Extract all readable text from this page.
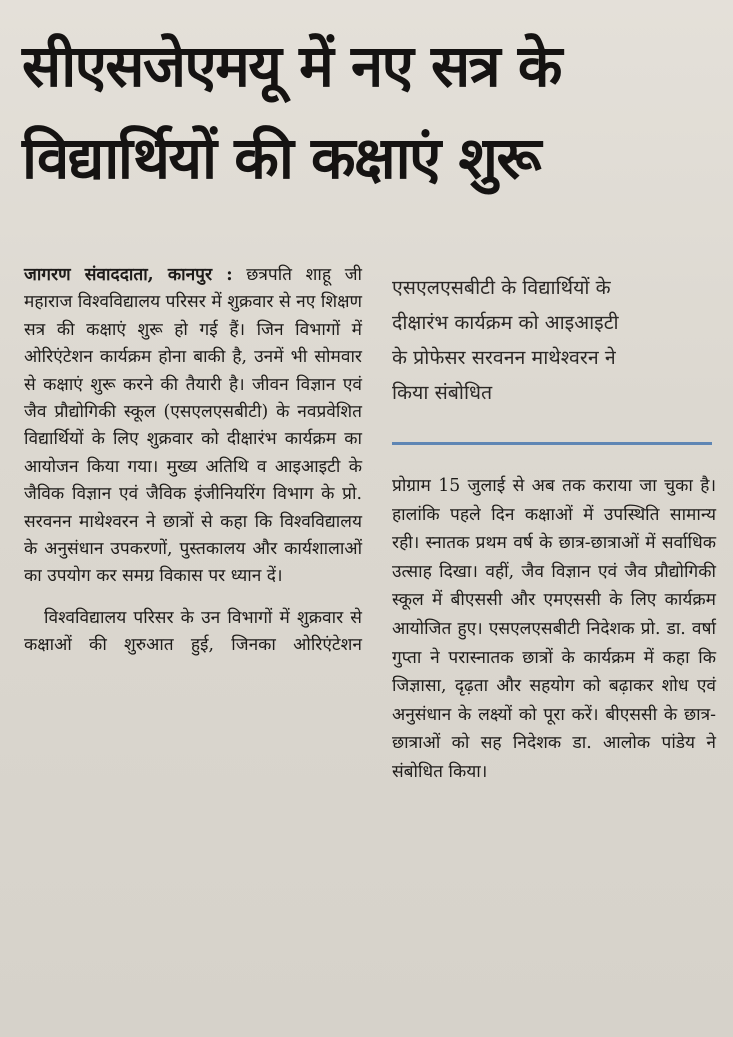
सीएसजेएमयू में नए सत्र के
विद्यार्थियों की कक्षाएं शुरू

जागरण संवाददाता, कानपुर : छत्रपति शाहू जी महाराज विश्वविद्यालय परिसर में शुक्रवार से नए शिक्षण सत्र की कक्षाएं शुरू हो गई हैं। जिन विभागों में ओरिएंटेशन कार्यक्रम होना बाकी है, उनमें भी सोमवार से कक्षाएं शुरू करने की तैयारी है। जीवन विज्ञान एवं जैव प्रौद्योगिकी स्कूल (एसएलएसबीटी) के नवप्रवेशित विद्यार्थियों के लिए शुक्रवार को दीक्षारंभ कार्यक्रम का आयोजन किया गया। मुख्य अतिथि व आइआइटी के जैविक विज्ञान एवं जैविक इंजीनियरिंग विभाग के प्रो. सरवनन माथेश्वरन ने छात्रों से कहा कि विश्वविद्यालय के अनुसंधान उपकरणों, पुस्तकालय और कार्यशालाओं का उपयोग कर समग्र विकास पर ध्यान दें।

विश्वविद्यालय परिसर के उन विभागों में शुक्रवार से कक्षाओं की शुरुआत हुई, जिनका ओरिएंटेशन

एसएलएसबीटी के विद्यार्थियों के
दीक्षारंभ कार्यक्रम को आइआइटी
के प्रोफेसर सरवनन माथेश्वरन ने
किया संबोधित

प्रोग्राम 15 जुलाई से अब तक कराया जा चुका है। हालांकि पहले दिन कक्षाओं में उपस्थिति सामान्य रही। स्नातक प्रथम वर्ष के छात्र-छात्राओं में सर्वाधिक उत्साह दिखा। वहीं, जैव विज्ञान एवं जैव प्रौद्योगिकी स्कूल में बीएससी और एमएससी के लिए कार्यक्रम आयोजित हुए। एसएलएसबीटी निदेशक प्रो. डा. वर्षा गुप्ता ने परास्नातक छात्रों के कार्यक्रम में कहा कि जिज्ञासा, दृढ़ता और सहयोग को बढ़ाकर शोध एवं अनुसंधान के लक्ष्यों को पूरा करें। बीएससी के छात्र-छात्राओं को सह निदेशक डा. आलोक पांडेय ने संबोधित किया।
